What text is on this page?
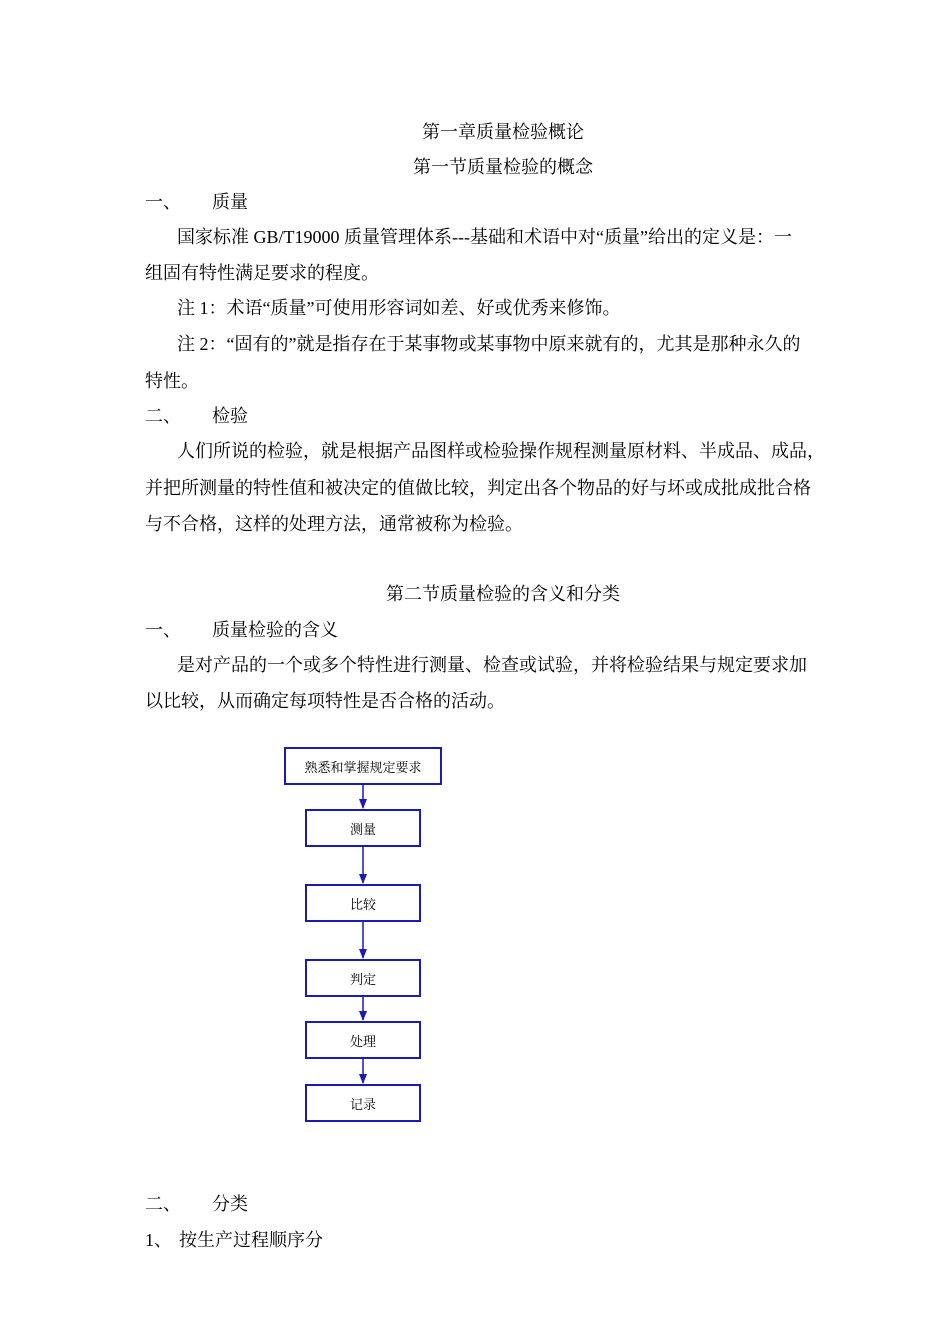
第一章质量检验概论
第一节质量检验的概念
一、 质量
国家标准 GB/T19000 质量管理体系---基础和术语中对“质量”给出的定义是：一
组固有特性满足要求的程度。
注 1：术语“质量”可使用形容词如差、好或优秀来修饰。
注 2：“固有的”就是指存在于某事物或某事物中原来就有的，尤其是那种永久的
特性。
二、 检验
人们所说的检验，就是根据产品图样或检验操作规程测量原材料、半成品、成品，
并把所测量的特性值和被决定的值做比较，判定出各个物品的好与坏或成批成批合格
与不合格，这样的处理方法，通常被称为检验。
第二节质量检验的含义和分类
一、 质量检验的含义
是对产品的一个或多个特性进行测量、检查或试验，并将检验结果与规定要求加
以比较，从而确定每项特性是否合格的活动。
熟悉和掌握规定要求
测量
比较
判定
处理
记录
二、 分类
1、 按生产过程顺序分
